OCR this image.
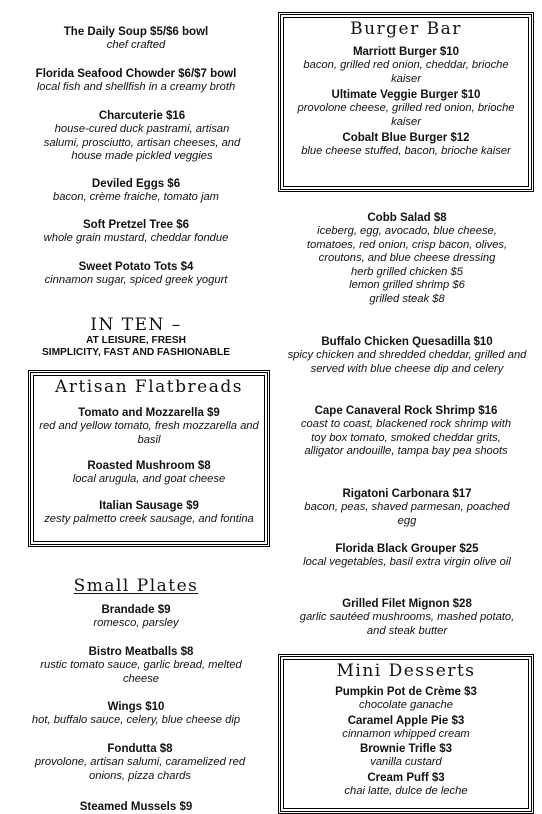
The Daily Soup $5/$6 bowl
chef crafted
Florida Seafood Chowder $6/$7 bowl
local fish and shellfish in a creamy broth
Charcuterie $16
house-cured duck pastrami, artisan salumi, prosciutto, artisan cheeses, and house made pickled veggies
Deviled Eggs $6
bacon, crème fraiche, tomato jam
Soft Pretzel Tree $6
whole grain mustard, cheddar fondue
Sweet Potato Tots $4
cinnamon sugar, spiced greek yogurt
IN TEN –
AT LEISURE, FRESH
SIMPLICITY, FAST AND FASHIONABLE
Artisan Flatbreads
Tomato and Mozzarella $9
red and yellow tomato, fresh mozzarella and basil
Roasted Mushroom $8
local arugula, and goat cheese
Italian Sausage $9
zesty palmetto creek sausage, and fontina
Small Plates
Brandade $9
romesco, parsley
Bistro Meatballs $8
rustic tomato sauce, garlic bread, melted cheese
Wings $10
hot, buffalo sauce, celery, blue cheese dip
Fondutta $8
provolone, artisan salumi, caramelized red onions, pizza chards
Steamed Mussels $9
Burger Bar
Marriott Burger $10
bacon, grilled red onion, cheddar, brioche kaiser
Ultimate Veggie Burger $10
provolone cheese, grilled red onion, brioche kaiser
Cobalt Blue Burger $12
blue cheese stuffed, bacon, brioche kaiser
Cobb Salad $8
iceberg, egg, avocado, blue cheese, tomatoes, red onion, crisp bacon, olives, croutons, and blue cheese dressing
herb grilled chicken $5
lemon grilled shrimp $6
grilled steak $8
Buffalo Chicken Quesadilla $10
spicy chicken and shredded cheddar, grilled and served with blue cheese dip and celery
Cape Canaveral Rock Shrimp $16
coast to coast, blackened rock shrimp with toy box tomato, smoked cheddar grits, alligator andouille, tampa bay pea shoots
Rigatoni Carbonara $17
bacon, peas, shaved parmesan, poached egg
Florida Black Grouper $25
local vegetables, basil extra virgin olive oil
Grilled Filet Mignon $28
garlic sautéed mushrooms, mashed potato, and steak butter
Mini Desserts
Pumpkin Pot de Crème $3
chocolate ganache
Caramel Apple Pie $3
cinnamon whipped cream
Brownie Trifle $3
vanilla custard
Cream Puff $3
chai latte, dulce de leche
